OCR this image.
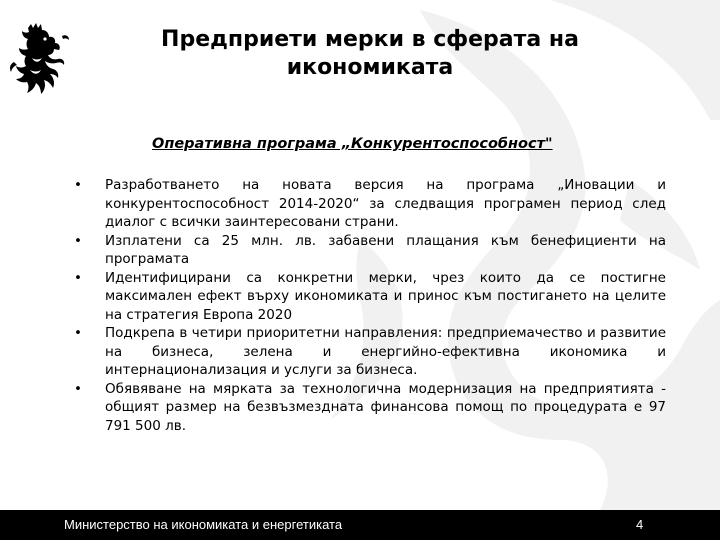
Предприети мерки в сферата на
икономиката

Оперативна програма „Конкурентоспособност"

• Разработването на новата версия на програма „Иновации и конкурентоспособност 2014-2020“ за следващия програмен период след диалог с всички заинтересовани страни.
• Изплатени са 25 млн. лв. забавени плащания към бенефициенти на програмата
• Идентифицирани са конкретни мерки, чрез които да се постигне максимален ефект върху икономиката и принос към постигането на целите на стратегия Европа 2020
• Подкрепа в четири приоритетни направления: предприемачество и развитие на бизнеса, зелена и енергийно-ефективна икономика и интернационализация и услуги за бизнеса.
• Обявяване на мярката за технологична модернизация на предприятията - общият размер на безвъзмездната финансова помощ по процедурата е 97 791 500 лв.
Министерство на икономиката и енергетиката	4
